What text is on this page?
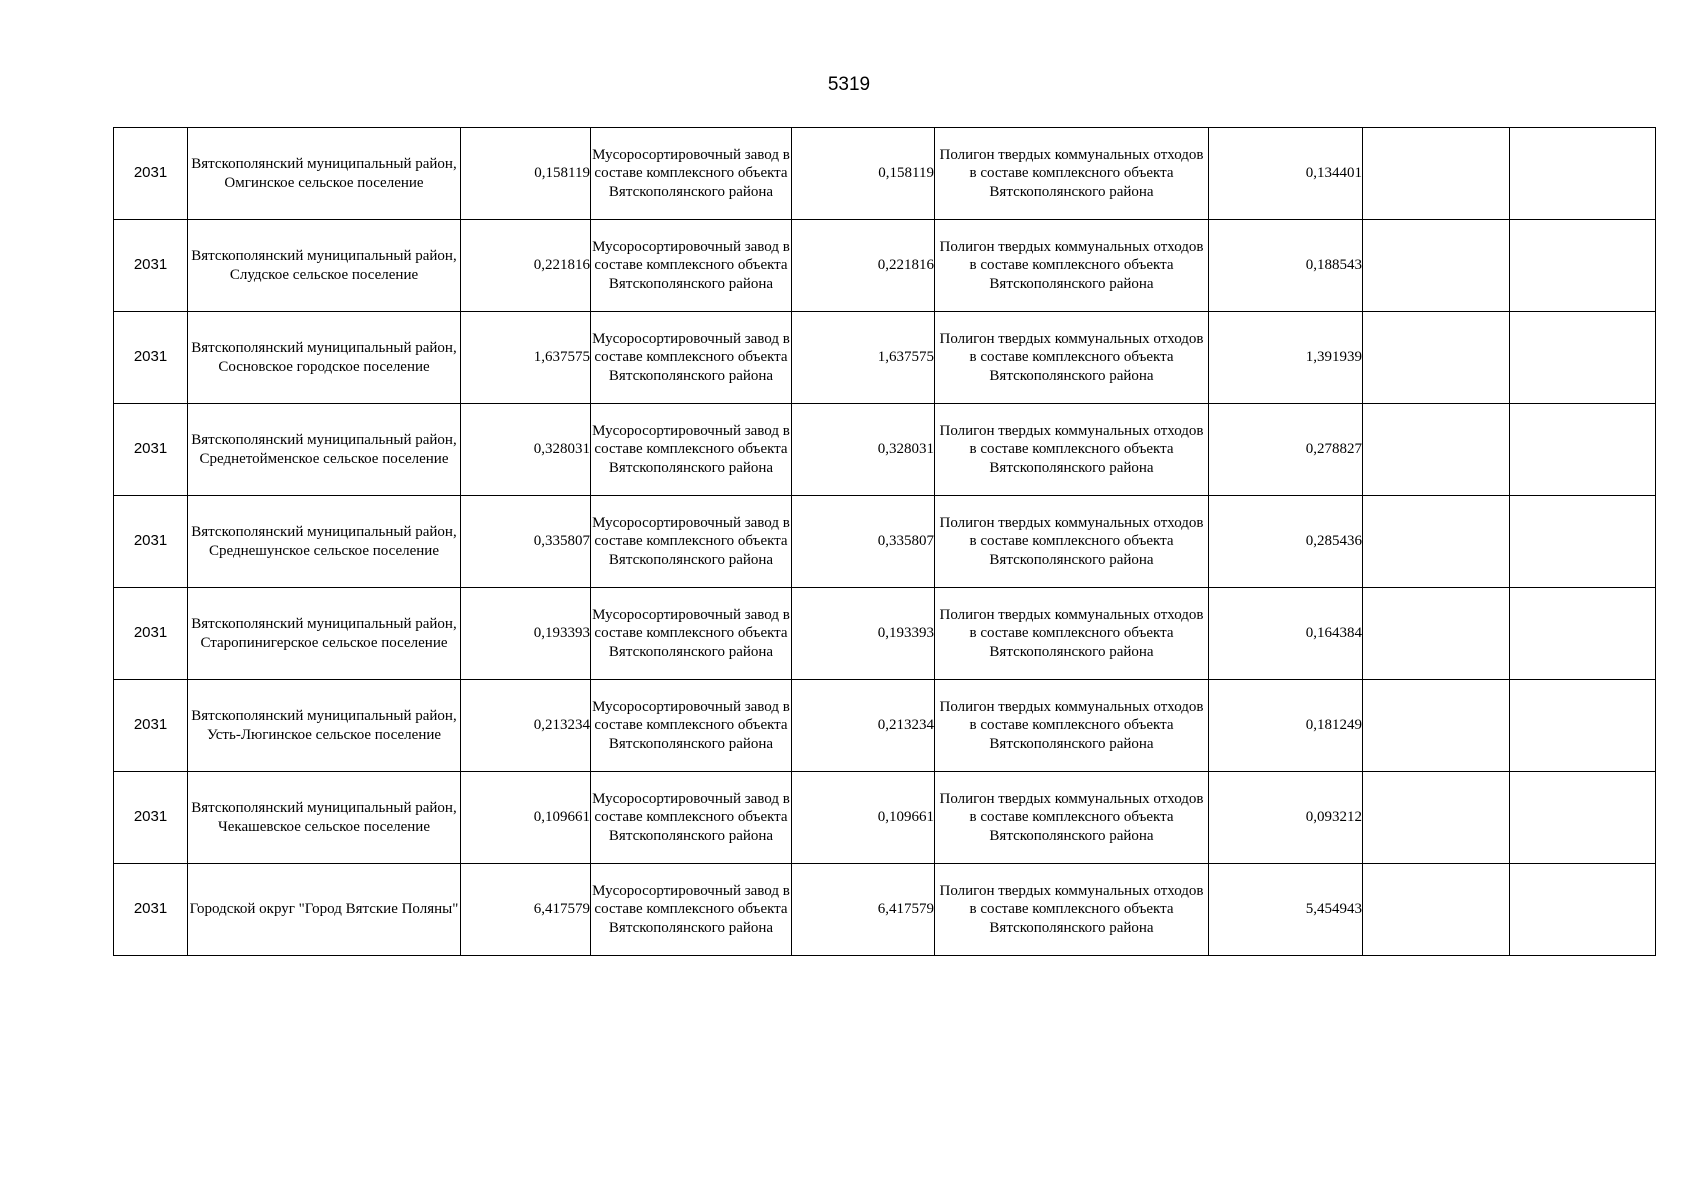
5319
2031	Вятскополянский муниципальный район, Омгинское сельское поселение	0,158119	Мусоросортировочный завод в составе комплексного объекта Вятскополянского района	0,158119	Полигон твердых коммунальных отходов в составе комплексного объекта Вятскополянского района	0,134401		
2031	Вятскополянский муниципальный район, Слудское сельское поселение	0,221816	Мусоросортировочный завод в составе комплексного объекта Вятскополянского района	0,221816	Полигон твердых коммунальных отходов в составе комплексного объекта Вятскополянского района	0,188543		
2031	Вятскополянский муниципальный район, Сосновское городское поселение	1,637575	Мусоросортировочный завод в составе комплексного объекта Вятскополянского района	1,637575	Полигон твердых коммунальных отходов в составе комплексного объекта Вятскополянского района	1,391939		
2031	Вятскополянский муниципальный район, Среднетойменское сельское поселение	0,328031	Мусоросортировочный завод в составе комплексного объекта Вятскополянского района	0,328031	Полигон твердых коммунальных отходов в составе комплексного объекта Вятскополянского района	0,278827		
2031	Вятскополянский муниципальный район, Среднешунское сельское поселение	0,335807	Мусоросортировочный завод в составе комплексного объекта Вятскополянского района	0,335807	Полигон твердых коммунальных отходов в составе комплексного объекта Вятскополянского района	0,285436		
2031	Вятскополянский муниципальный район, Старопинигерское сельское поселение	0,193393	Мусоросортировочный завод в составе комплексного объекта Вятскополянского района	0,193393	Полигон твердых коммунальных отходов в составе комплексного объекта Вятскополянского района	0,164384		
2031	Вятскополянский муниципальный район, Усть-Люгинское сельское поселение	0,213234	Мусоросортировочный завод в составе комплексного объекта Вятскополянского района	0,213234	Полигон твердых коммунальных отходов в составе комплексного объекта Вятскополянского района	0,181249		
2031	Вятскополянский муниципальный район, Чекашевское сельское поселение	0,109661	Мусоросортировочный завод в составе комплексного объекта Вятскополянского района	0,109661	Полигон твердых коммунальных отходов в составе комплексного объекта Вятскополянского района	0,093212		
2031	Городской округ "Город Вятские Поляны"	6,417579	Мусоросортировочный завод в составе комплексного объекта Вятскополянского района	6,417579	Полигон твердых коммунальных отходов в составе комплексного объекта Вятскополянского района	5,454943		
